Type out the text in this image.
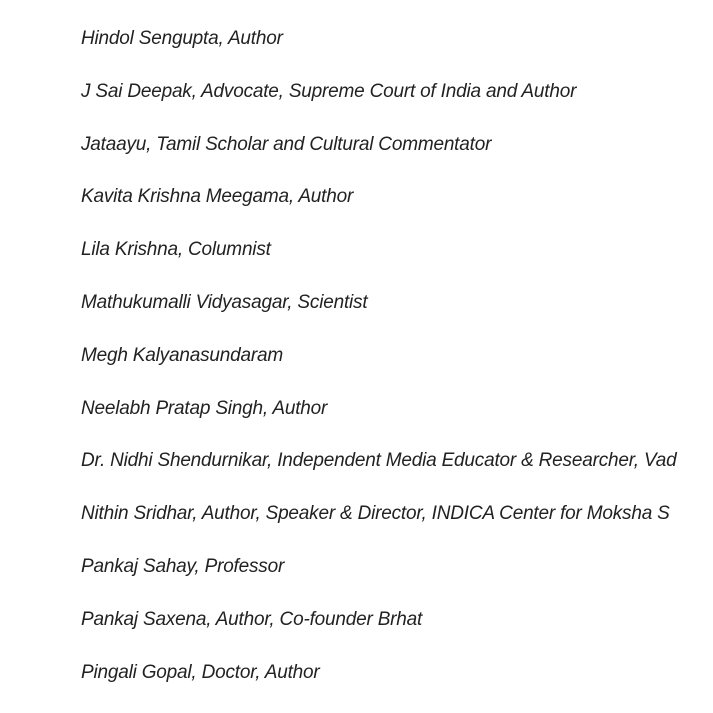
Hindol Sengupta, Author
J Sai Deepak, Advocate, Supreme Court of India and Author
Jataayu, Tamil Scholar and Cultural Commentator
Kavita Krishna Meegama, Author
Lila Krishna, Columnist
Mathukumalli Vidyasagar, Scientist
Megh Kalyanasundaram
Neelabh Pratap Singh, Author
Dr. Nidhi Shendurnikar, Independent Media Educator & Researcher, Vad
Nithin Sridhar, Author, Speaker & Director, INDICA Center for Moksha S
Pankaj Sahay, Professor
Pankaj Saxena, Author, Co-founder Brhat
Pingali Gopal, Doctor, Author
